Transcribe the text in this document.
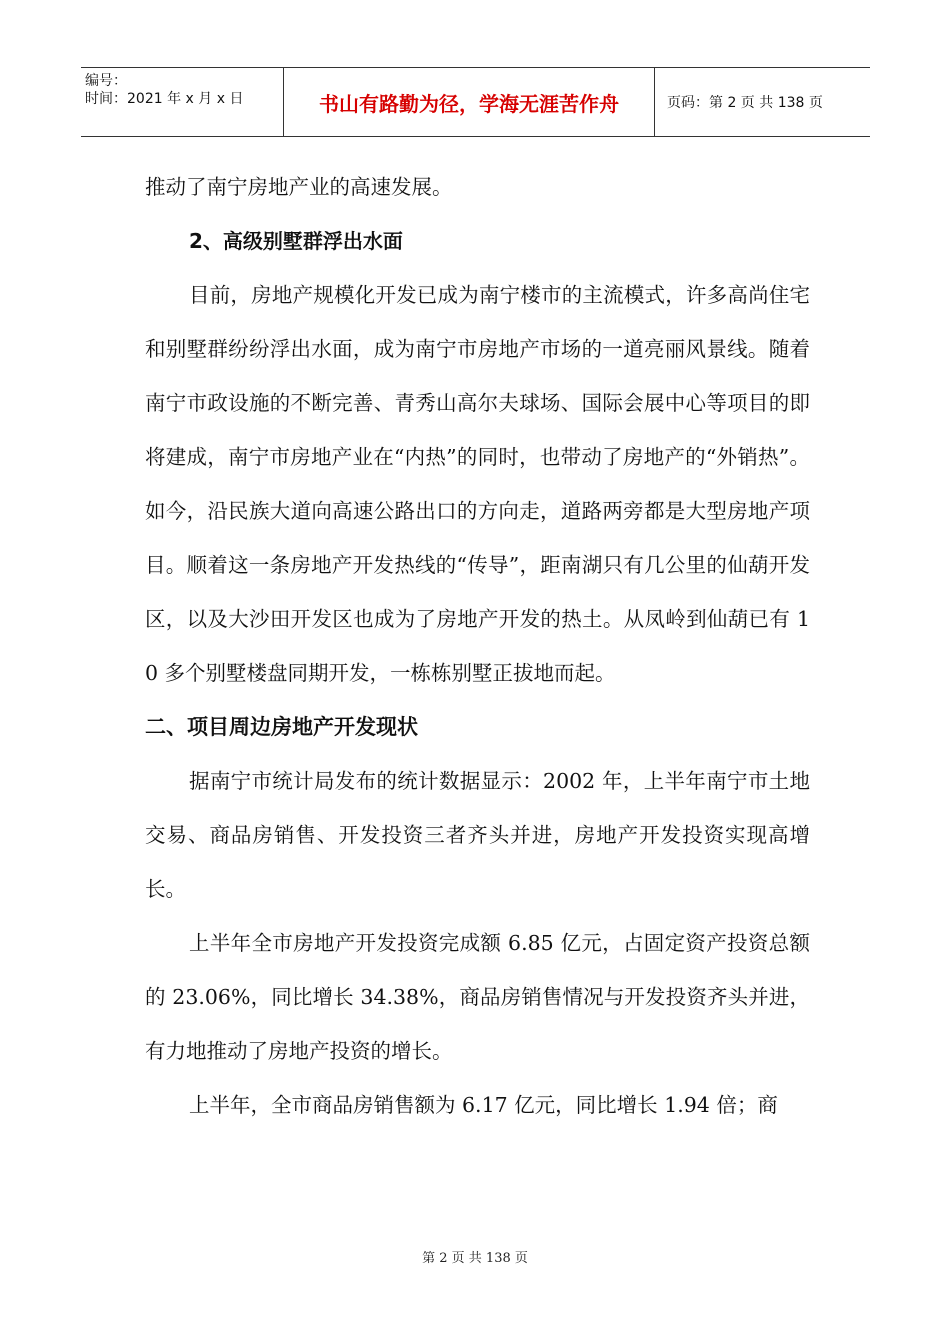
编号：
时间：2021 年 x 月 x 日	书山有路勤为径，学海无涯苦作舟	页码：第 2 页 共 138 页

推动了南宁房地产业的高速发展。

2、高级别墅群浮出水面

目前，房地产规模化开发已成为南宁楼市的主流模式，许多高尚住宅和别墅群纷纷浮出水面，成为南宁市房地产市场的一道亮丽风景线。随着南宁市政设施的不断完善、青秀山高尔夫球场、国际会展中心等项目的即将建成，南宁市房地产业在“内热”的同时，也带动了房地产的“外销热”。如今，沿民族大道向高速公路出口的方向走，道路两旁都是大型房地产项目。顺着这一条房地产开发热线的“传导”，距南湖只有几公里的仙葫开发区，以及大沙田开发区也成为了房地产开发的热土。从凤岭到仙葫已有 10 多个别墅楼盘同期开发，一栋栋别墅正拔地而起。

二、项目周边房地产开发现状

据南宁市统计局发布的统计数据显示：2002 年，上半年南宁市土地交易、商品房销售、开发投资三者齐头并进，房地产开发投资实现高增长。

上半年全市房地产开发投资完成额 6.85 亿元，占固定资产投资总额的 23.06%，同比增长 34.38%，商品房销售情况与开发投资齐头并进，有力地推动了房地产投资的增长。

上半年，全市商品房销售额为 6.17 亿元，同比增长 1.94 倍；商

第 2 页 共 138 页
